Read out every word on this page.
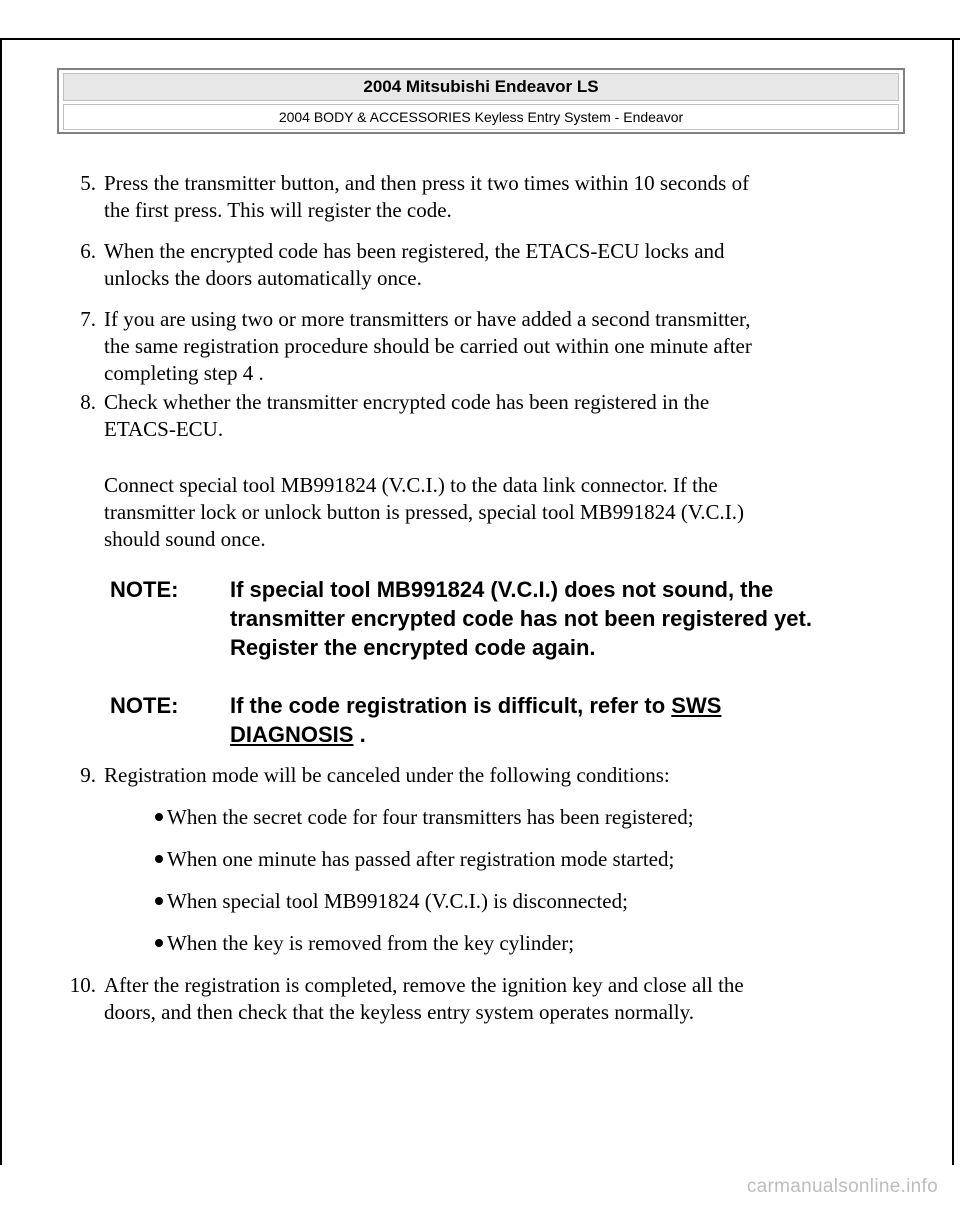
2004 Mitsubishi Endeavor LS
2004 BODY & ACCESSORIES Keyless Entry System - Endeavor
5. Press the transmitter button, and then press it two times within 10 seconds of
the first press. This will register the code.
6. When the encrypted code has been registered, the ETACS-ECU locks and
unlocks the doors automatically once.
7. If you are using two or more transmitters or have added a second transmitter,
the same registration procedure should be carried out within one minute after
completing step 4 .
8. Check whether the transmitter encrypted code has been registered in the
ETACS-ECU.
Connect special tool MB991824 (V.C.I.) to the data link connector. If the
transmitter lock or unlock button is pressed, special tool MB991824 (V.C.I.)
should sound once.
NOTE: If special tool MB991824 (V.C.I.) does not sound, the
transmitter encrypted code has not been registered yet.
Register the encrypted code again.
NOTE: If the code registration is difficult, refer to SWS
DIAGNOSIS .
9. Registration mode will be canceled under the following conditions:
When the secret code for four transmitters has been registered;
When one minute has passed after registration mode started;
When special tool MB991824 (V.C.I.) is disconnected;
When the key is removed from the key cylinder;
10. After the registration is completed, remove the ignition key and close all the
doors, and then check that the keyless entry system operates normally.
carmanualsonline.info
